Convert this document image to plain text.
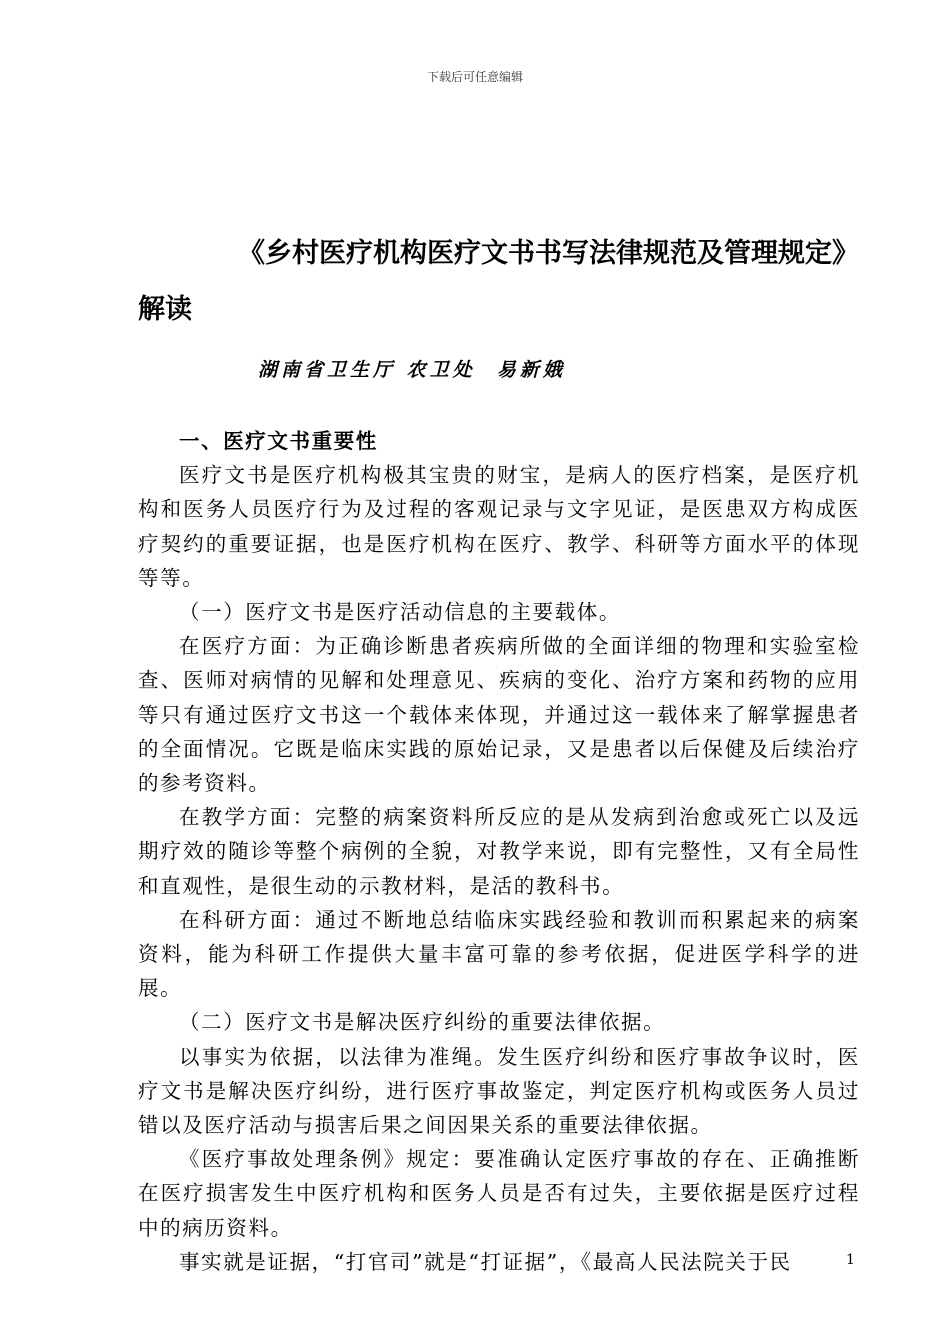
下载后可任意编辑
《乡村医疗机构医疗文书书写法律规范及管理规定》解读
湖南省卫生厅 农卫处  易新娥

一、医疗文书重要性

医疗文书是医疗机构极其宝贵的财宝，是病人的医疗档案，是医疗机构和医务人员医疗行为及过程的客观记录与文字见证，是医患双方构成医疗契约的重要证据，也是医疗机构在医疗、教学、科研等方面水平的体现等等。

（一）医疗文书是医疗活动信息的主要载体。

在医疗方面：为正确诊断患者疾病所做的全面详细的物理和实验室检查、医师对病情的见解和处理意见、疾病的变化、治疗方案和药物的应用等只有通过医疗文书这一个载体来体现，并通过这一载体来了解掌握患者的全面情况。它既是临床实践的原始记录，又是患者以后保健及后续治疗的参考资料。

在教学方面：完整的病案资料所反应的是从发病到治愈或死亡以及远期疗效的随诊等整个病例的全貌，对教学来说，即有完整性，又有全局性和直观性，是很生动的示教材料，是活的教科书。

在科研方面：通过不断地总结临床实践经验和教训而积累起来的病案资料，能为科研工作提供大量丰富可靠的参考依据，促进医学科学的进展。

（二）医疗文书是解决医疗纠纷的重要法律依据。

以事实为依据，以法律为准绳。发生医疗纠纷和医疗事故争议时，医疗文书是解决医疗纠纷，进行医疗事故鉴定，判定医疗机构或医务人员过错以及医疗活动与损害后果之间因果关系的重要法律依据。

《医疗事故处理条例》规定：要准确认定医疗事故的存在、正确推断在医疗损害发生中医疗机构和医务人员是否有过失，主要依据是医疗过程中的病历资料。

事实就是证据，“打官司”就是“打证据”，《最高人民法院关于民	1
